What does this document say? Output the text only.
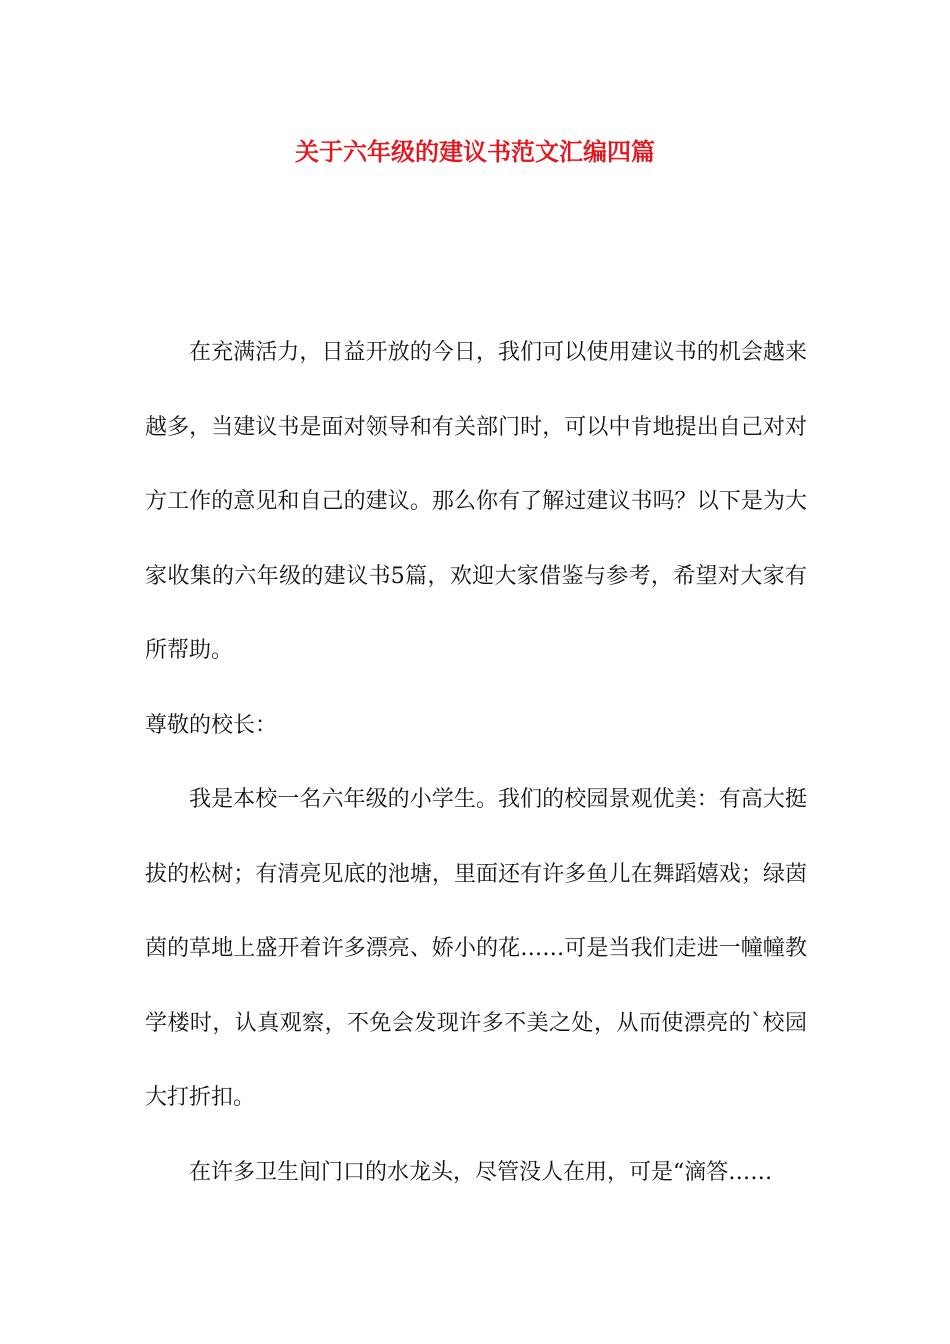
关于六年级的建议书范文汇编四篇

在充满活力，日益开放的今日，我们可以使用建议书的机会越来越多，当建议书是面对领导和有关部门时，可以中肯地提出自己对对方工作的意见和自己的建议。那么你有了解过建议书吗？以下是为大家收集的六年级的建议书5篇，欢迎大家借鉴与参考，希望对大家有所帮助。

尊敬的校长：

我是本校一名六年级的小学生。我们的校园景观优美：有高大挺拔的松树；有清亮见底的池塘，里面还有许多鱼儿在舞蹈嬉戏；绿茵茵的草地上盛开着许多漂亮、娇小的花……可是当我们走进一幢幢教学楼时，认真观察，不免会发现许多不美之处，从而使漂亮的`校园大打折扣。

在许多卫生间门口的水龙头，尽管没人在用，可是“滴答……
